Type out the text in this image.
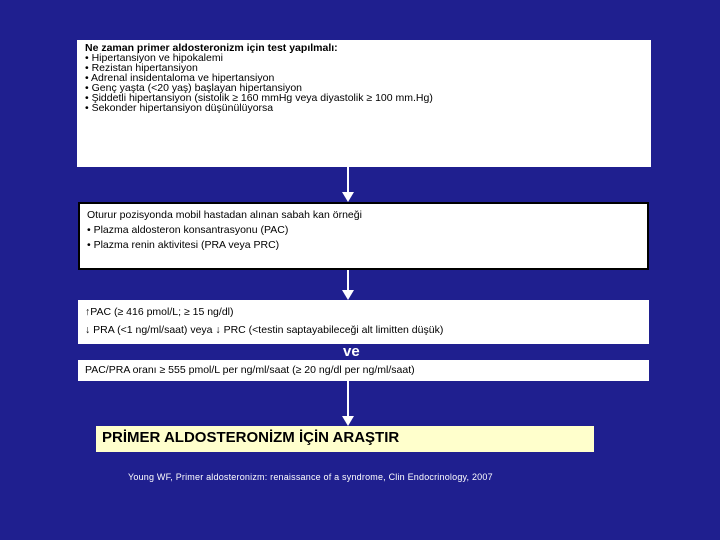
Ne zaman primer aldosteronizm için test yapılmalı:
• Hipertansiyon ve hipokalemi
• Rezistan hipertansiyon
• Adrenal insidentaloma ve hipertansiyon
• Genç yaşta (<20 yaş) başlayan hipertansiyon
• Şiddetli hipertansiyon (sistolik ≥ 160 mmHg veya diyastolik ≥ 100 mm.Hg)
• Sekonder hipertansiyon düşünülüyorsa
Oturur pozisyonda mobil hastadan alınan sabah kan örneği
• Plazma aldosteron konsantrasyonu (PAC)
• Plazma renin aktivitesi (PRA veya PRC)
↑PAC (≥ 416 pmol/L; ≥ 15 ng/dl)
↓ PRA (<1 ng/ml/saat) veya ↓ PRC (<testin saptayabileceği alt limitten düşük)
ve
PAC/PRA oranı ≥ 555 pmol/L per ng/ml/saat (≥ 20 ng/dl per ng/ml/saat)
PRİMER ALDOSTERONİZM İÇİN ARAŞTIR
Young WF, Primer aldosteronizm: renaissance of a syndrome, Clin Endocrinology, 2007
